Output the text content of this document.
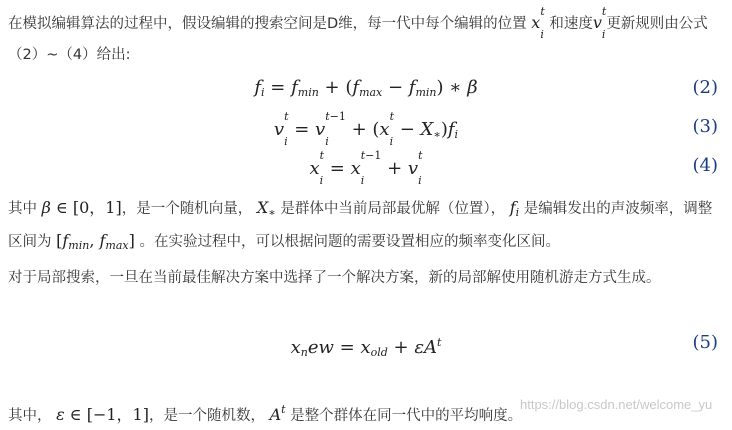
在模拟编辑算法的过程中，假设编辑的搜索空间是D维，每一代中每个编辑的位置 $x^t$
i 和速度$v^t$
i更新规则由公式（2）~（4）给出:
$f_i = f_{min} + (f_{max} - f_{min})$ ∗ β	(2)
$v^t$
$i = v^{t-1}$
$i + (x^t$
$i - X_∗)f_i$	(3)
$x^t$
$i = x^{t-1}$
$i + v^t$
i
(4)
其中 β ∈ [0，1]，是一个随机向量， $X_∗$ 是群体中当前局部最优解（位置）， $f_i$ 是编辑发出的声波频率，调整区间为 [$f_{min}$, $f_{max}$] 。在实验过程中，可以根据问题的需要设置相应的频率变化区间。
对于局部搜索，一旦在当前最佳解决方案中选择了一个解决方案，新的局部解使用随机游走方式生成。
$x_new = x_{old} + \varepsilon A^t$	(5)
其中， ε ∈ [−1，1]，是一个随机数， $A^t$ 是整个群体在同一代中的平均响度。
https://blog.csdn.net/welcome_yu
